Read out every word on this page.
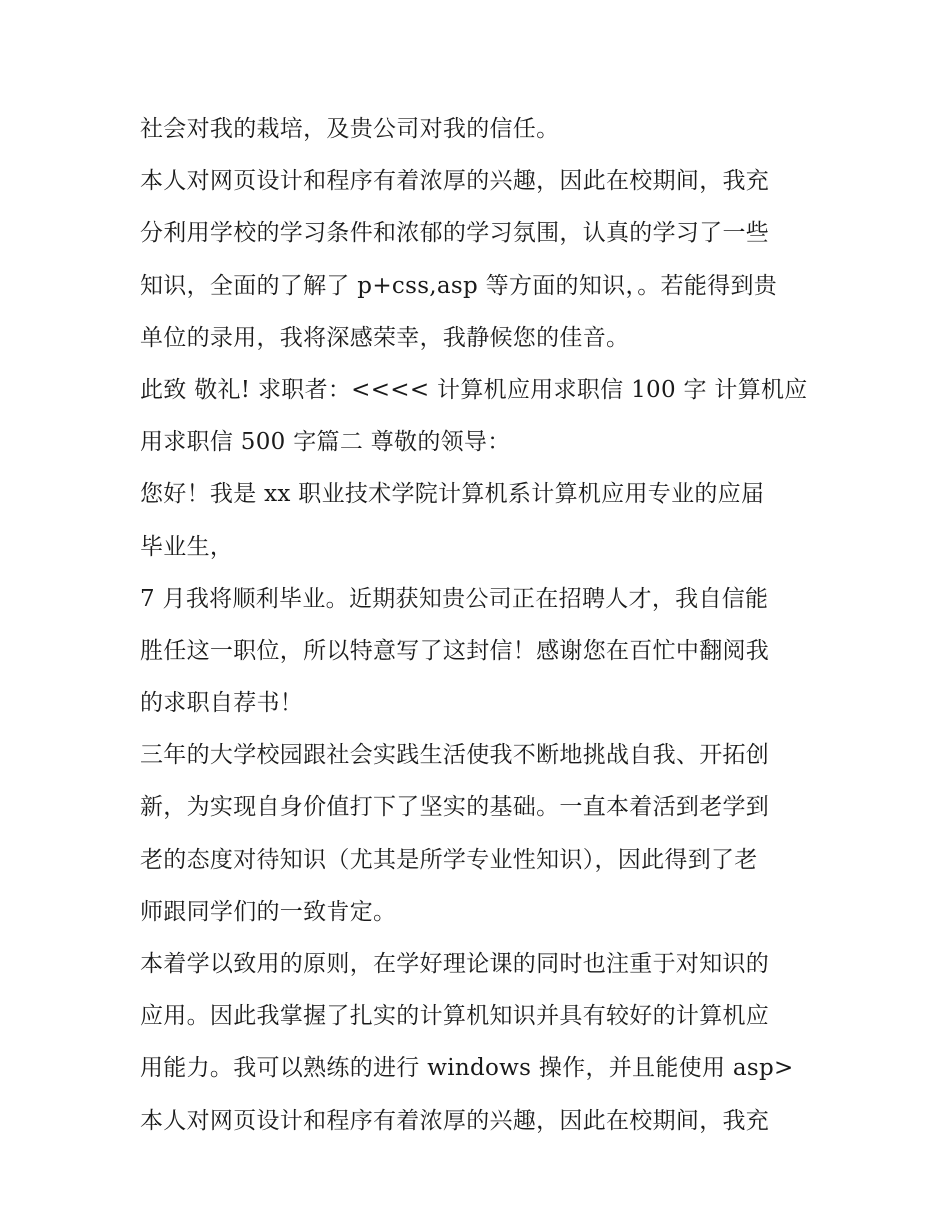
社会对我的栽培，及贵公司对我的信任。
本人对网页设计和程序有着浓厚的兴趣，因此在校期间，我充
分利用学校的学习条件和浓郁的学习氛围，认真的学习了一些
知识，全面的了解了 p+css,asp 等方面的知识，。若能得到贵
单位的录用，我将深感荣幸，我静候您的佳音。
此致 敬礼! 求职者：<<<< 计算机应用求职信 100 字 计算机应
用求职信 500 字篇二 尊敬的领导：
您好！我是 xx 职业技术学院计算机系计算机应用专业的应届
毕业生，
7 月我将顺利毕业。近期获知贵公司正在招聘人才，我自信能
胜任这一职位，所以特意写了这封信！感谢您在百忙中翻阅我
的求职自荐书！
三年的大学校园跟社会实践生活使我不断地挑战自我、开拓创
新，为实现自身价值打下了坚实的基础。一直本着活到老学到
老的态度对待知识（尤其是所学专业性知识），因此得到了老
师跟同学们的一致肯定。
本着学以致用的原则，在学好理论课的同时也注重于对知识的
应用。因此我掌握了扎实的计算机知识并具有较好的计算机应
用能力。我可以熟练的进行 windows 操作，并且能使用 asp>
本人对网页设计和程序有着浓厚的兴趣，因此在校期间，我充
